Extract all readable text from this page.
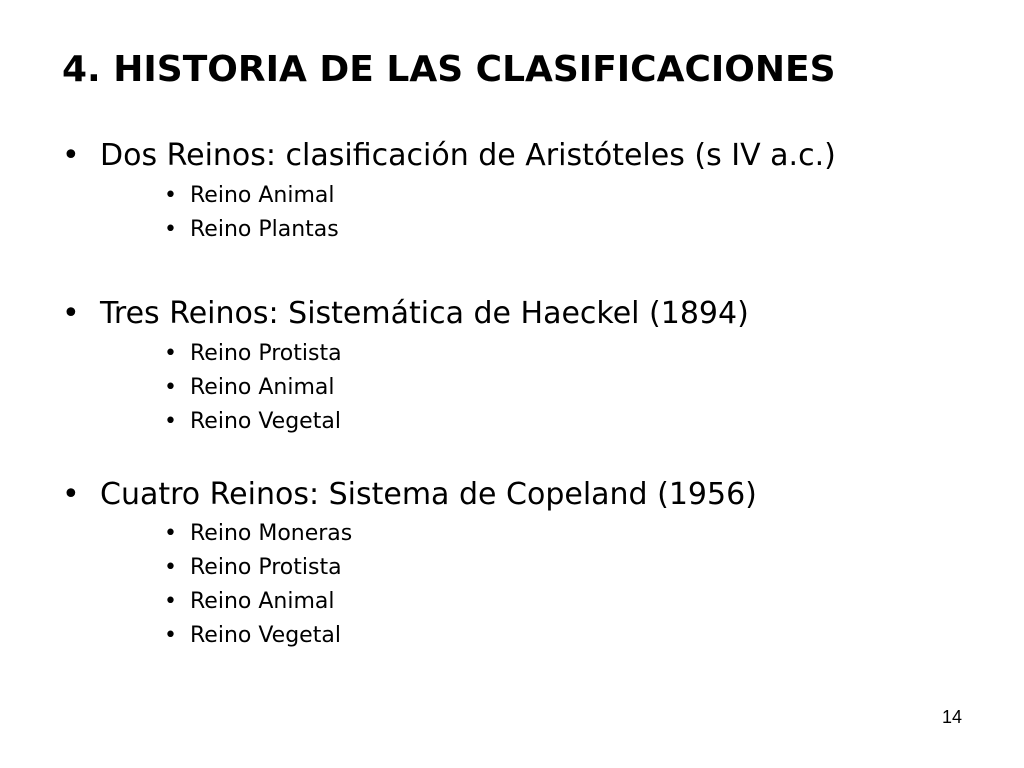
4. HISTORIA DE LAS CLASIFICACIONES
• Dos Reinos: clasificación de Aristóteles (s IV a.c.)
• Reino Animal
• Reino Plantas
• Tres Reinos: Sistemática de Haeckel (1894)
• Reino Protista
• Reino Animal
• Reino Vegetal
• Cuatro Reinos: Sistema de Copeland (1956)
• Reino Moneras
• Reino Protista
• Reino Animal
• Reino Vegetal
14
